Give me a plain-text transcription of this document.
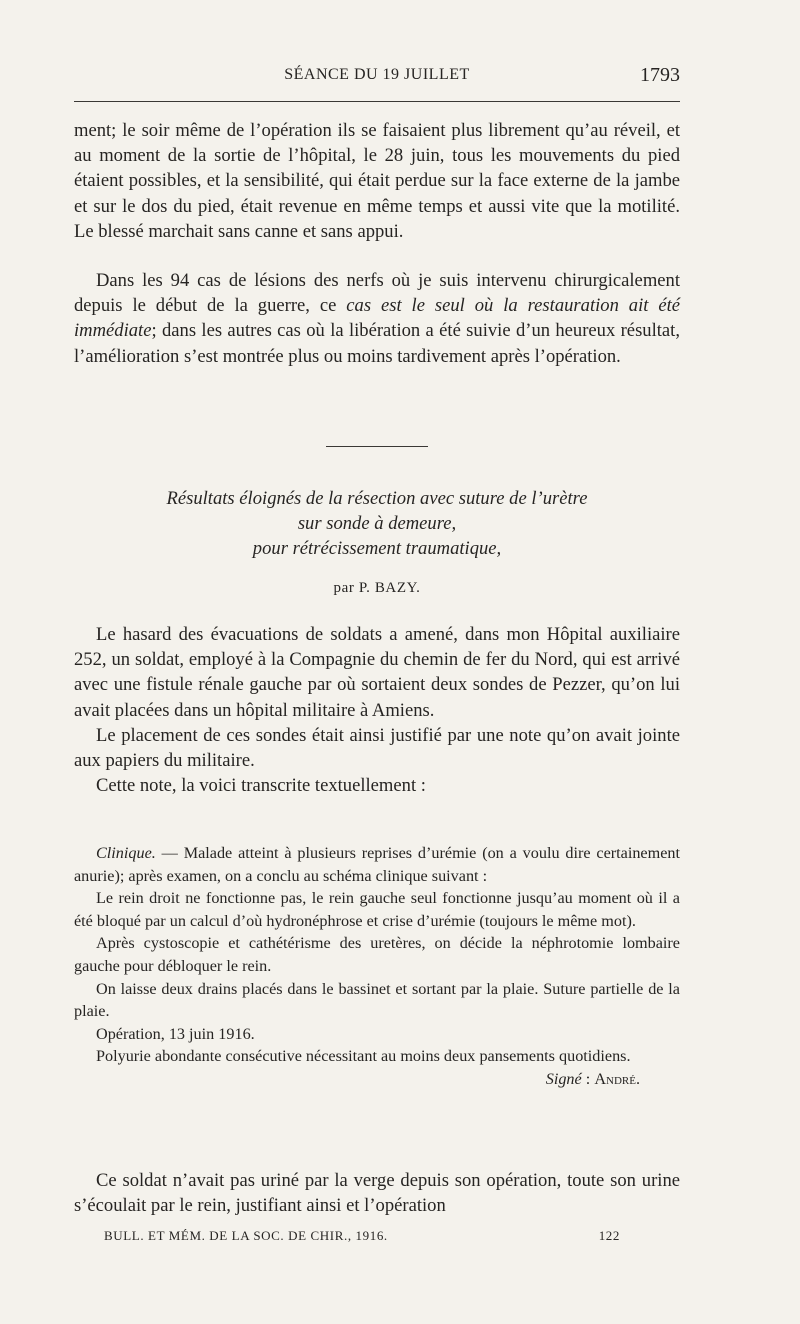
SÉANCE DU 19 JUILLET	1793

ment; le soir même de l’opération ils se faisaient plus librement qu’au réveil, et au moment de la sortie de l’hôpital, le 28 juin, tous les mouvements du pied étaient possibles, et la sensibilité, qui était perdue sur la face externe de la jambe et sur le dos du pied, était revenue en même temps et aussi vite que la motilité. Le blessé marchait sans canne et sans appui.

Dans les 94 cas de lésions des nerfs où je suis intervenu chirurgicalement depuis le début de la guerre, ce cas est le seul où la restauration ait été immédiate; dans les autres cas où la libération a été suivie d’un heureux résultat, l’amélioration s’est montrée plus ou moins tardivement après l’opération.

Résultats éloignés de la résection avec suture de l’urètre
sur sonde à demeure,
pour rétrécissement traumatique,
par P. BAZY.

Le hasard des évacuations de soldats a amené, dans mon Hôpital auxiliaire 252, un soldat, employé à la Compagnie du chemin de fer du Nord, qui est arrivé avec une fistule rénale gauche par où sortaient deux sondes de Pezzer, qu’on lui avait placées dans un hôpital militaire à Amiens.

Le placement de ces sondes était ainsi justifié par une note qu’on avait jointe aux papiers du militaire.

Cette note, la voici transcrite textuellement :

Clinique. — Malade atteint à plusieurs reprises d’urémie (on a voulu dire certainement anurie); après examen, on a conclu au schéma clinique suivant :

Le rein droit ne fonctionne pas, le rein gauche seul fonctionne jusqu’au moment où il a été bloqué par un calcul d’où hydronéphrose et crise d’urémie (toujours le même mot).

Après cystoscopie et cathétérisme des uretères, on décide la néphrotomie lombaire gauche pour débloquer le rein.

On laisse deux drains placés dans le bassinet et sortant par la plaie. Suture partielle de la plaie.

Opération, 13 juin 1916.

Polyurie abondante consécutive nécessitant au moins deux pansements quotidiens.

Signé : André.

Ce soldat n’avait pas uriné par la verge depuis son opération, toute son urine s’écoulait par le rein, justifiant ainsi et l’opération

BULL. ET MÉM. DE LA SOC. DE CHIR., 1916.	122
